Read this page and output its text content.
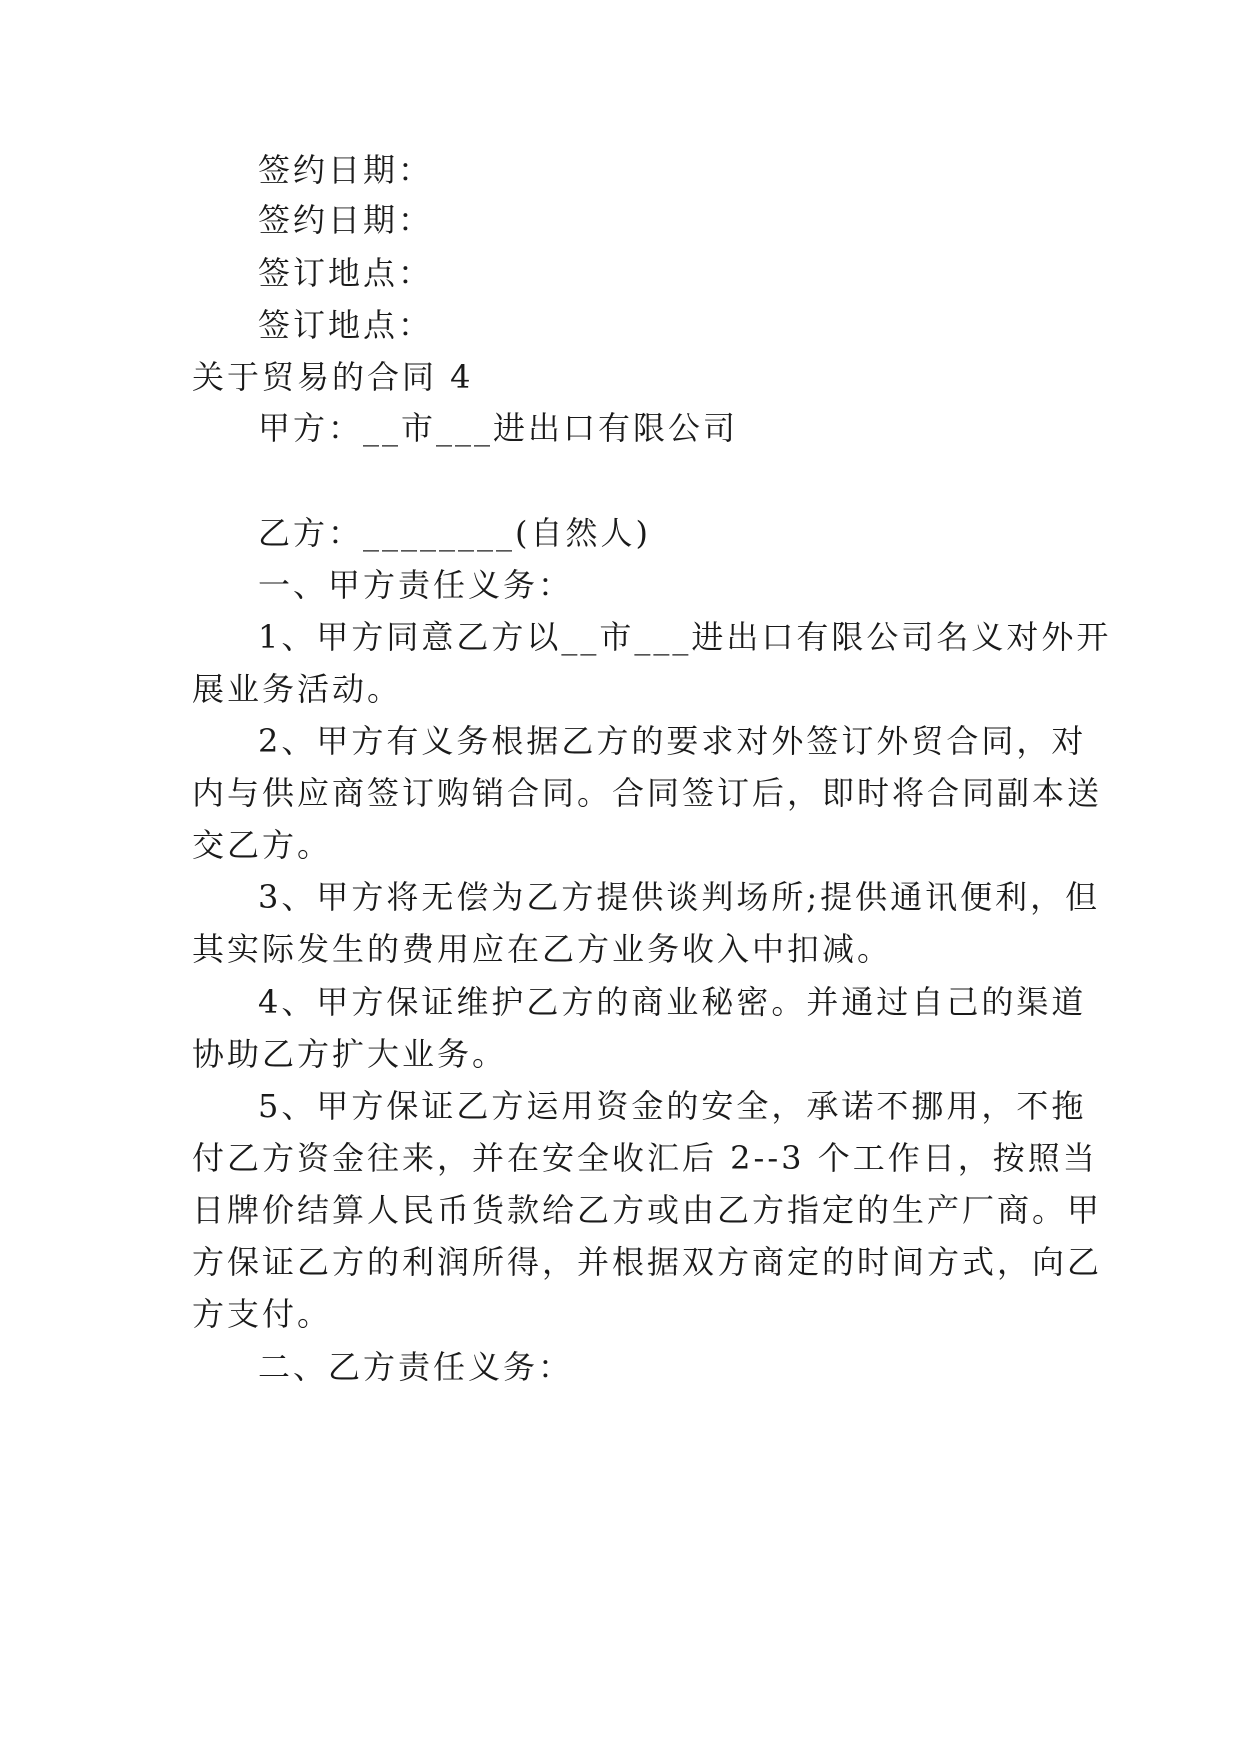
签约日期：
签约日期：
签订地点：
签订地点：
关于贸易的合同 4
甲方：__市___进出口有限公司
乙方：________(自然人)
一、甲方责任义务：
1、甲方同意乙方以__市___进出口有限公司名义对外开
展业务活动。
2、甲方有义务根据乙方的要求对外签订外贸合同，对
内与供应商签订购销合同。合同签订后，即时将合同副本送
交乙方。
3、甲方将无偿为乙方提供谈判场所;提供通讯便利，但
其实际发生的费用应在乙方业务收入中扣减。
4、甲方保证维护乙方的商业秘密。并通过自己的渠道
协助乙方扩大业务。
5、甲方保证乙方运用资金的安全，承诺不挪用，不拖
付乙方资金往来，并在安全收汇后 2--3 个工作日，按照当
日牌价结算人民币货款给乙方或由乙方指定的生产厂商。甲
方保证乙方的利润所得，并根据双方商定的时间方式，向乙
方支付。
二、乙方责任义务：
